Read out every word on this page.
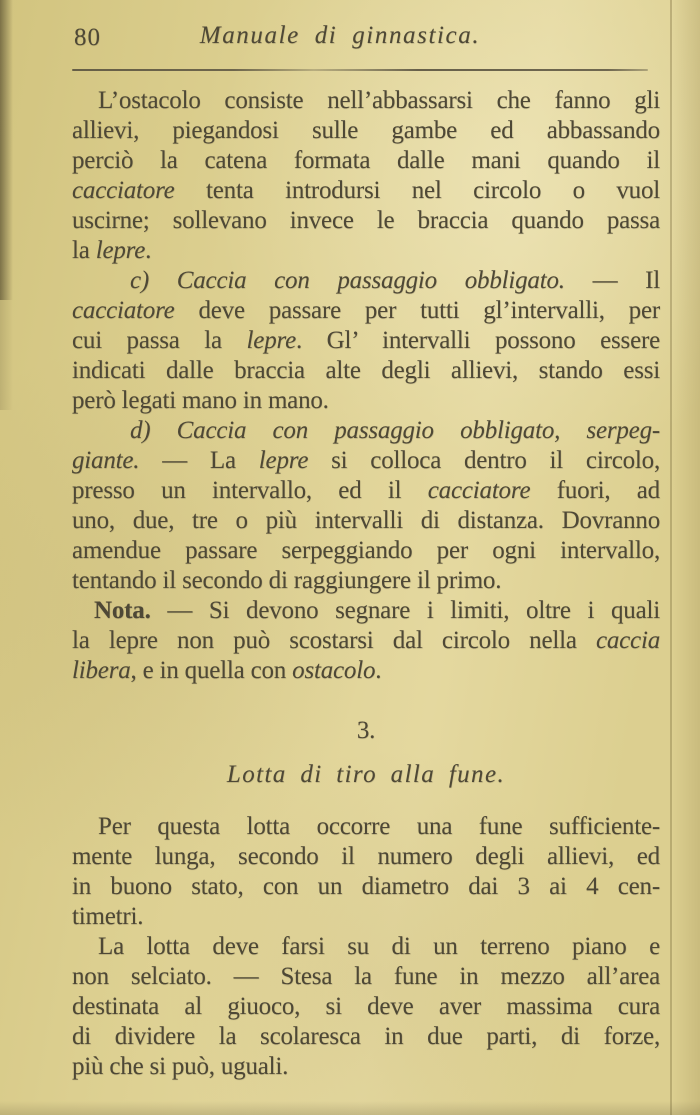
80	Manuale di ginnastica.
L’ostacolo consiste nell’abbassarsi che fanno gli
allievi, piegandosi sulle gambe ed abbassando
perciò la catena formata dalle mani quando il
cacciatore tenta introdursi nel circolo o vuol
uscirne; sollevano invece le braccia quando passa
la lepre.
c) Caccia con passaggio obbligato. — Il
cacciatore deve passare per tutti gl’intervalli, per
cui passa la lepre. Gl’ intervalli possono essere
indicati dalle braccia alte degli allievi, stando essi
però legati mano in mano.
d) Caccia con passaggio obbligato, serpeg-
giante. — La lepre si colloca dentro il circolo,
presso un intervallo, ed il cacciatore fuori, ad
uno, due, tre o più intervalli di distanza. Dovranno
amendue passare serpeggiando per ogni intervallo,
tentando il secondo di raggiungere il primo.
Nota. — Si devono segnare i limiti, oltre i quali
la lepre non può scostarsi dal circolo nella caccia
libera, e in quella con ostacolo.
3.
Lotta di tiro alla fune.
Per questa lotta occorre una fune sufficiente-
mente lunga, secondo il numero degli allievi, ed
in buono stato, con un diametro dai 3 ai 4 cen-
timetri.
La lotta deve farsi su di un terreno piano e
non selciato. — Stesa la fune in mezzo all’area
destinata al giuoco, si deve aver massima cura
di dividere la scolaresca in due parti, di forze,
più che si può, uguali.
